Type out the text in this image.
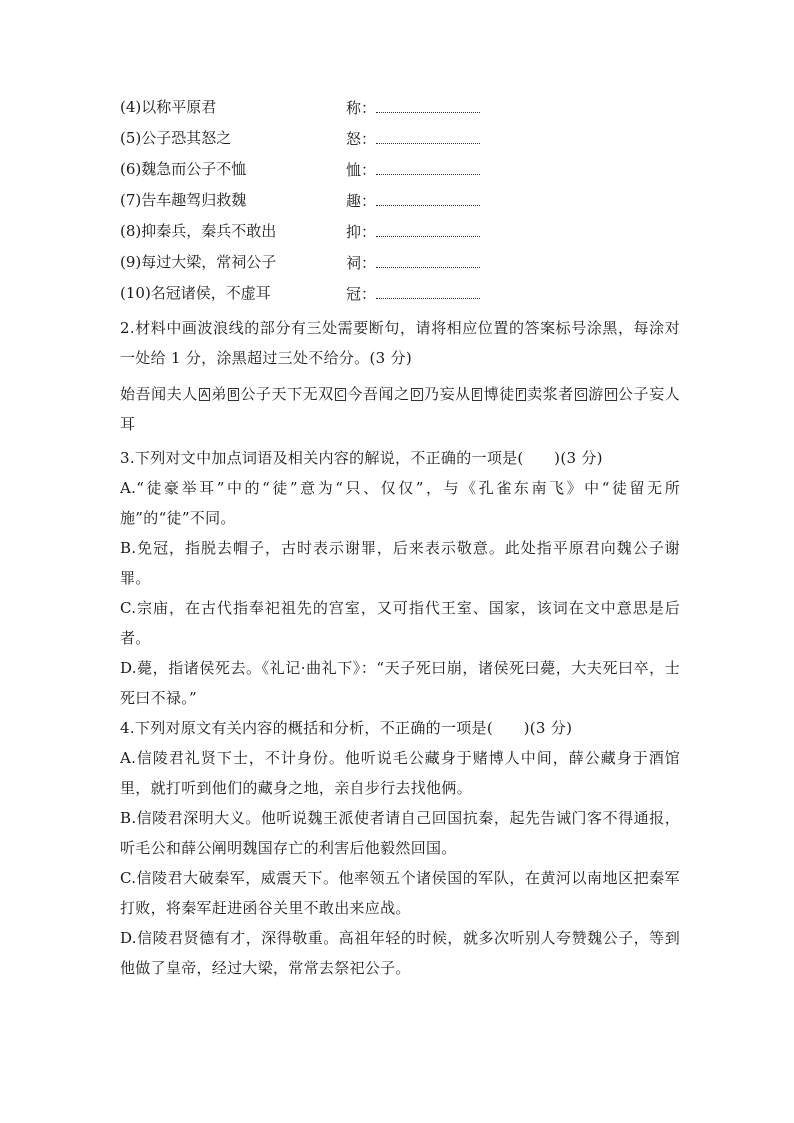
(4)以称平原君	称：
(5)公子恐其怒之	怒：
(6)魏急而公子不恤	恤：
(7)告车趣驾归救魏	趣：
(8)抑秦兵，秦兵不敢出	抑：
(9)每过大梁，常祠公子	祠：
(10)名冠诸侯，不虚耳	冠：

2.材料中画波浪线的部分有三处需要断句，请将相应位置的答案标号涂黑，每涂对一处给 1 分，涂黑超过三处不给分。(3 分)

始吾闻夫人 A 弟 B 公子天下无双 C 今吾闻之 D 乃妄从 E 博徒 F 卖浆者 G 游 H 公子妄人耳

3.下列对文中加点词语及相关内容的解说，不正确的一项是(　　)(3 分)

A.“徒豪举耳”中的“徒”意为“只、仅仅”，与《孔雀东南飞》中“徒留无所施”的“徒”不同。

B.免冠，指脱去帽子，古时表示谢罪，后来表示敬意。此处指平原君向魏公子谢罪。

C.宗庙，在古代指奉祀祖先的宫室，又可指代王室、国家，该词在文中意思是后者。

D.薨，指诸侯死去。《礼记·曲礼下》：“天子死曰崩，诸侯死曰薨，大夫死曰卒，士死曰不禄。”

4.下列对原文有关内容的概括和分析，不正确的一项是(　　)(3 分)

A.信陵君礼贤下士，不计身份。他听说毛公藏身于赌博人中间，薛公藏身于酒馆里，就打听到他们的藏身之地，亲自步行去找他俩。

B.信陵君深明大义。他听说魏王派使者请自己回国抗秦，起先告诫门客不得通报，听毛公和薛公阐明魏国存亡的利害后他毅然回国。

C.信陵君大破秦军，威震天下。他率领五个诸侯国的军队，在黄河以南地区把秦军打败，将秦军赶进函谷关里不敢出来应战。

D.信陵君贤德有才，深得敬重。高祖年轻的时候，就多次听别人夸赞魏公子，等到他做了皇帝，经过大梁，常常去祭祀公子。
